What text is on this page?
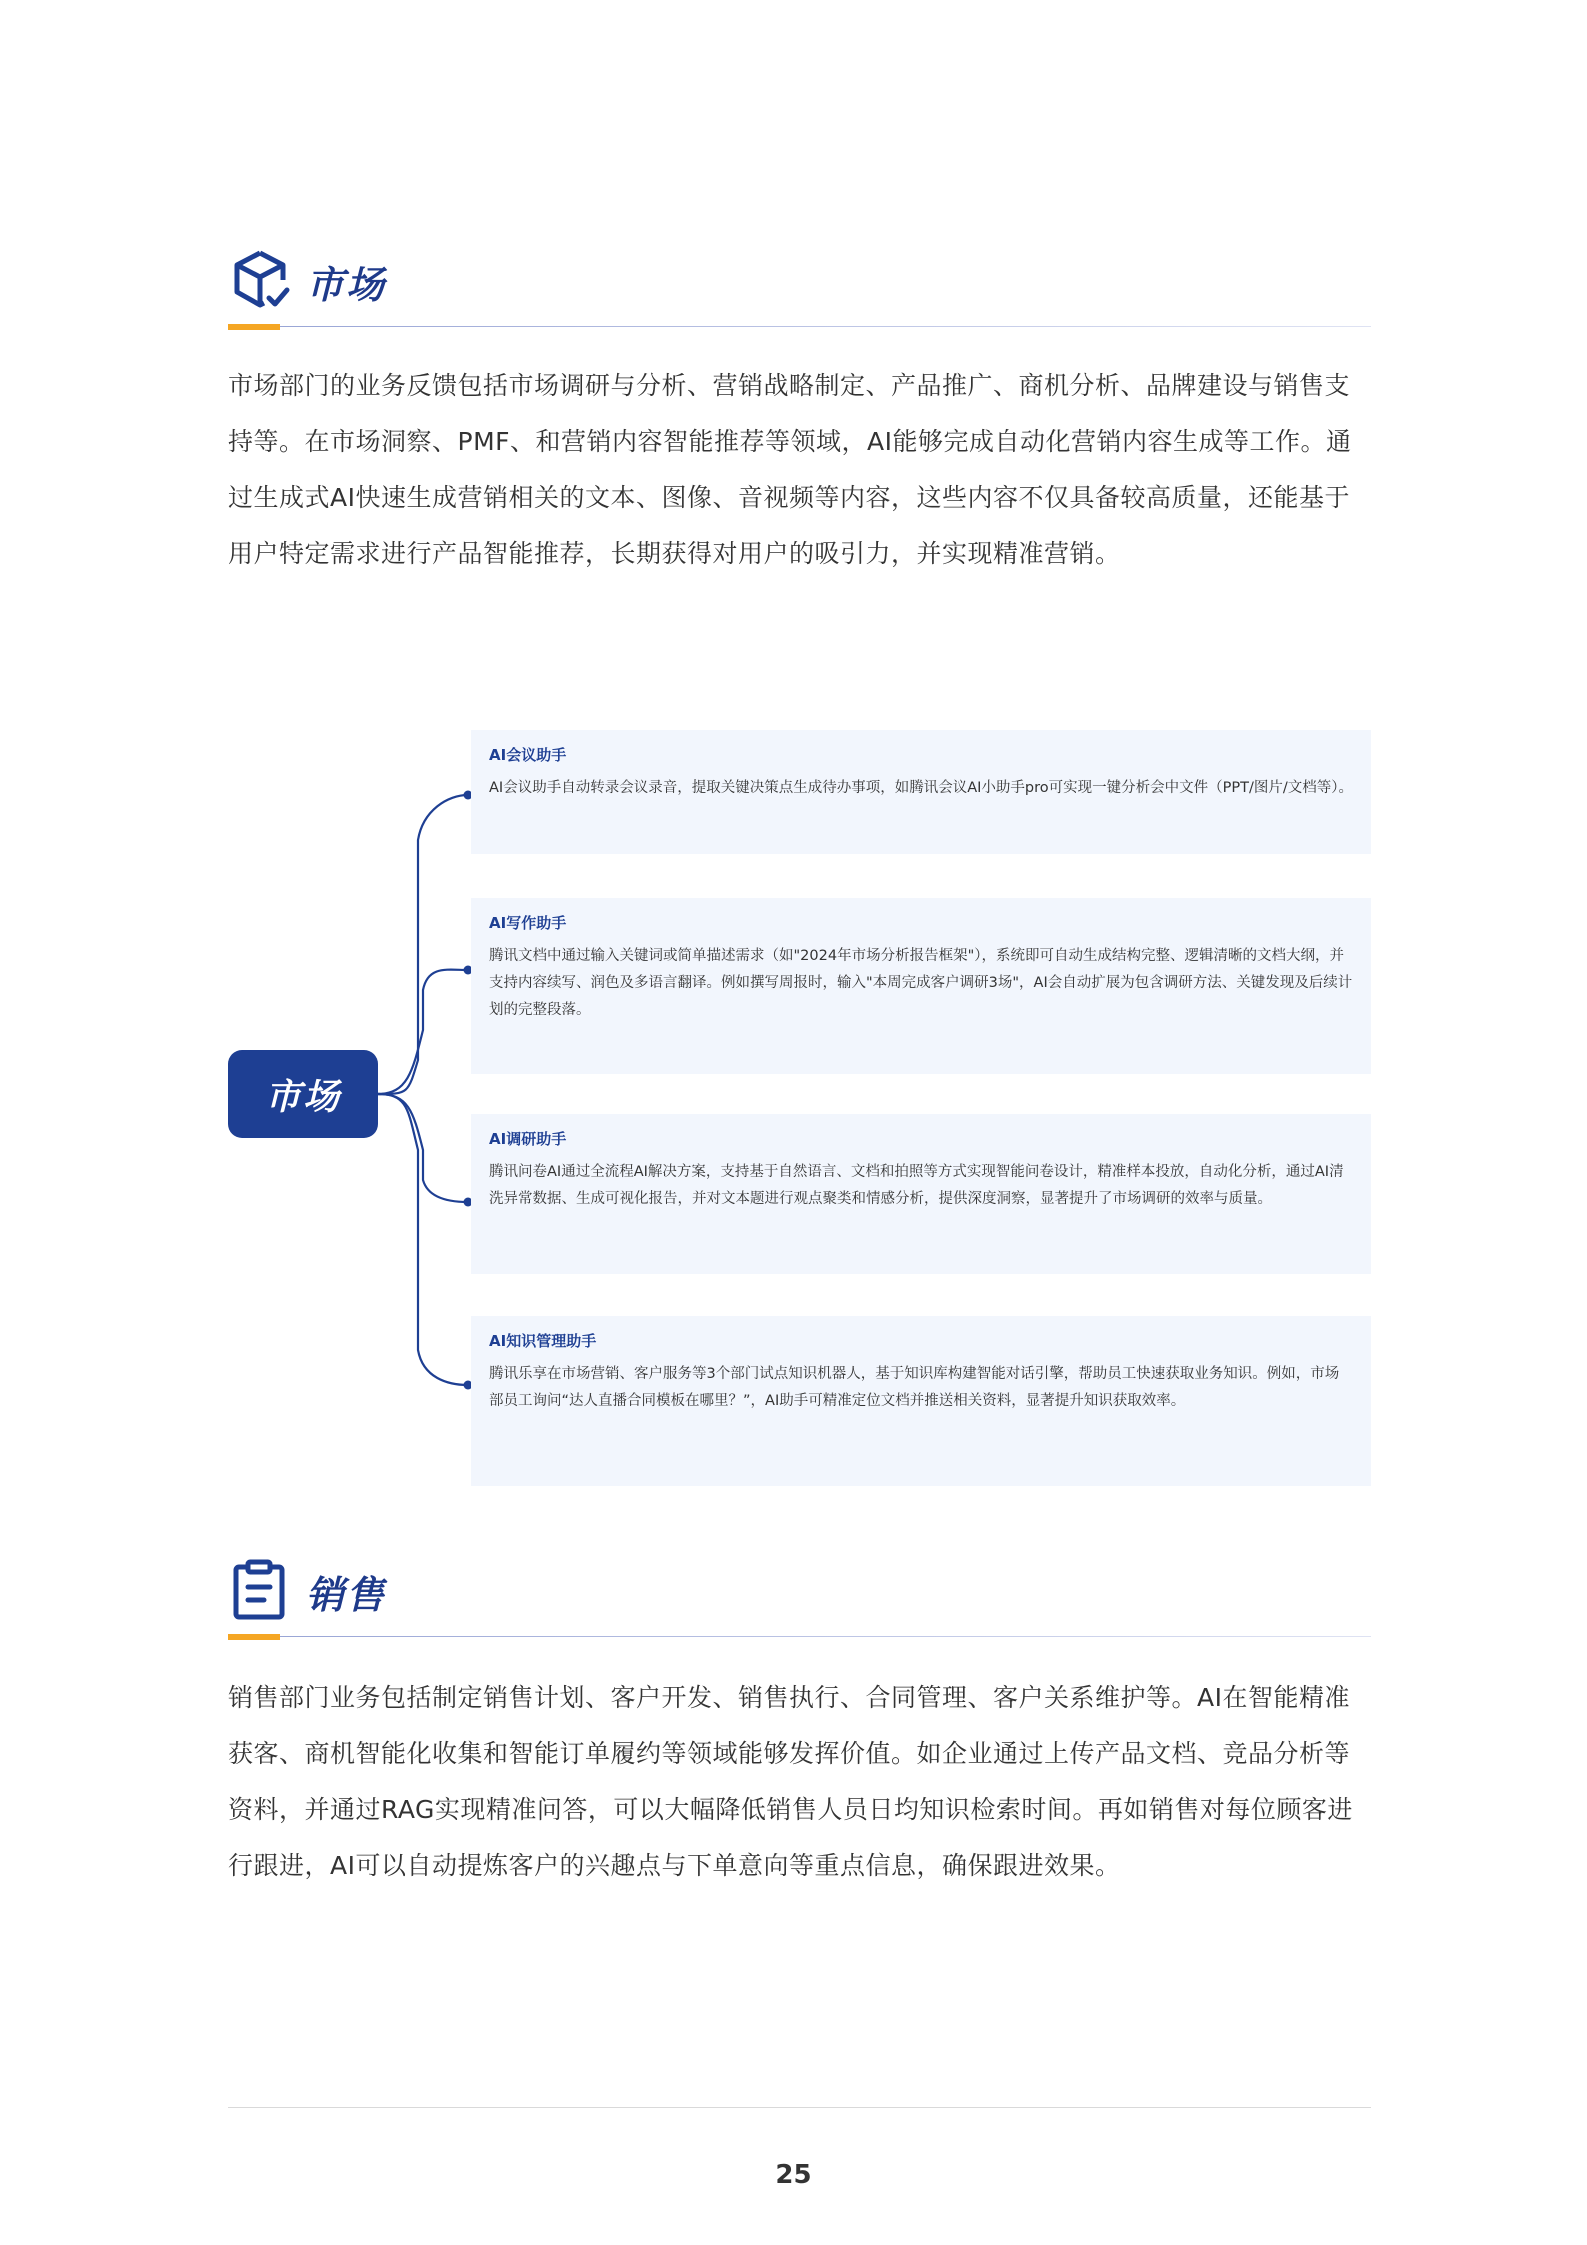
市场
市场部门的业务反馈包括市场调研与分析、营销战略制定、产品推广、商机分析、品牌建设与销售支持等。在市场洞察、PMF、和营销内容智能推荐等领域，AI能够完成自动化营销内容生成等工作。通过生成式AI快速生成营销相关的文本、图像、音视频等内容，这些内容不仅具备较高质量，还能基于用户特定需求进行产品智能推荐，长期获得对用户的吸引力，并实现精准营销。
市场
AI会议助手
AI会议助手自动转录会议录音，提取关键决策点生成待办事项，如腾讯会议AI小助手pro可实现一键分析会中文件（PPT/图片/文档等）。
AI写作助手
腾讯文档中通过输入关键词或简单描述需求（如"2024年市场分析报告框架"），系统即可自动生成结构完整、逻辑清晰的文档大纲，并支持内容续写、润色及多语言翻译。例如撰写周报时，输入"本周完成客户调研3场"，AI会自动扩展为包含调研方法、关键发现及后续计划的完整段落。
AI调研助手
腾讯问卷AI通过全流程AI解决方案，支持基于自然语言、文档和拍照等方式实现智能问卷设计，精准样本投放，自动化分析，通过AI清洗异常数据、生成可视化报告，并对文本题进行观点聚类和情感分析，提供深度洞察，显著提升了市场调研的效率与质量。
AI知识管理助手
腾讯乐享在市场营销、客户服务等3个部门试点知识机器人，基于知识库构建智能对话引擎，帮助员工快速获取业务知识。例如，市场部员工询问“达人直播合同模板在哪里？”，AI助手可精准定位文档并推送相关资料，显著提升知识获取效率。
销售
销售部门业务包括制定销售计划、客户开发、销售执行、合同管理、客户关系维护等。AI在智能精准获客、商机智能化收集和智能订单履约等领域能够发挥价值。如企业通过上传产品文档、竞品分析等资料，并通过RAG实现精准问答，可以大幅降低销售人员日均知识检索时间。再如销售对每位顾客进行跟进，AI可以自动提炼客户的兴趣点与下单意向等重点信息，确保跟进效果。
25
